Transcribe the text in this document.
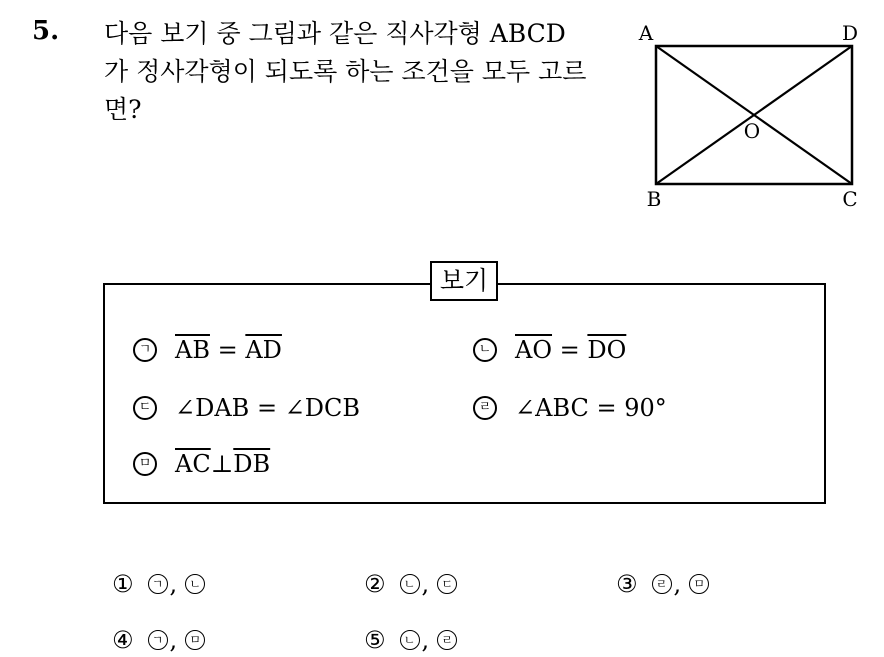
5. 다음 보기 중 그림과 같은 직사각형 ABCD
가 정사각형이 되도록 하는 조건을 모두 고르
면?
A	D
B	C
O
보기
ㄱ $\overline{AB} = \overline{AD}$	ㄴ $\overline{AO} = \overline{DO}$
ㄷ ∠DAB = ∠DCB	ㄹ ∠ABC = 90°
ㅁ $\overline{AC}$ ⊥ $\overline{DB}$
①	ㄱ ,	ㄴ	②	ㄴ ,	ㄷ	③	ㄹ ,	ㅁ
④	ㄱ ,	ㅁ	⑤	ㄴ ,	ㄹ
